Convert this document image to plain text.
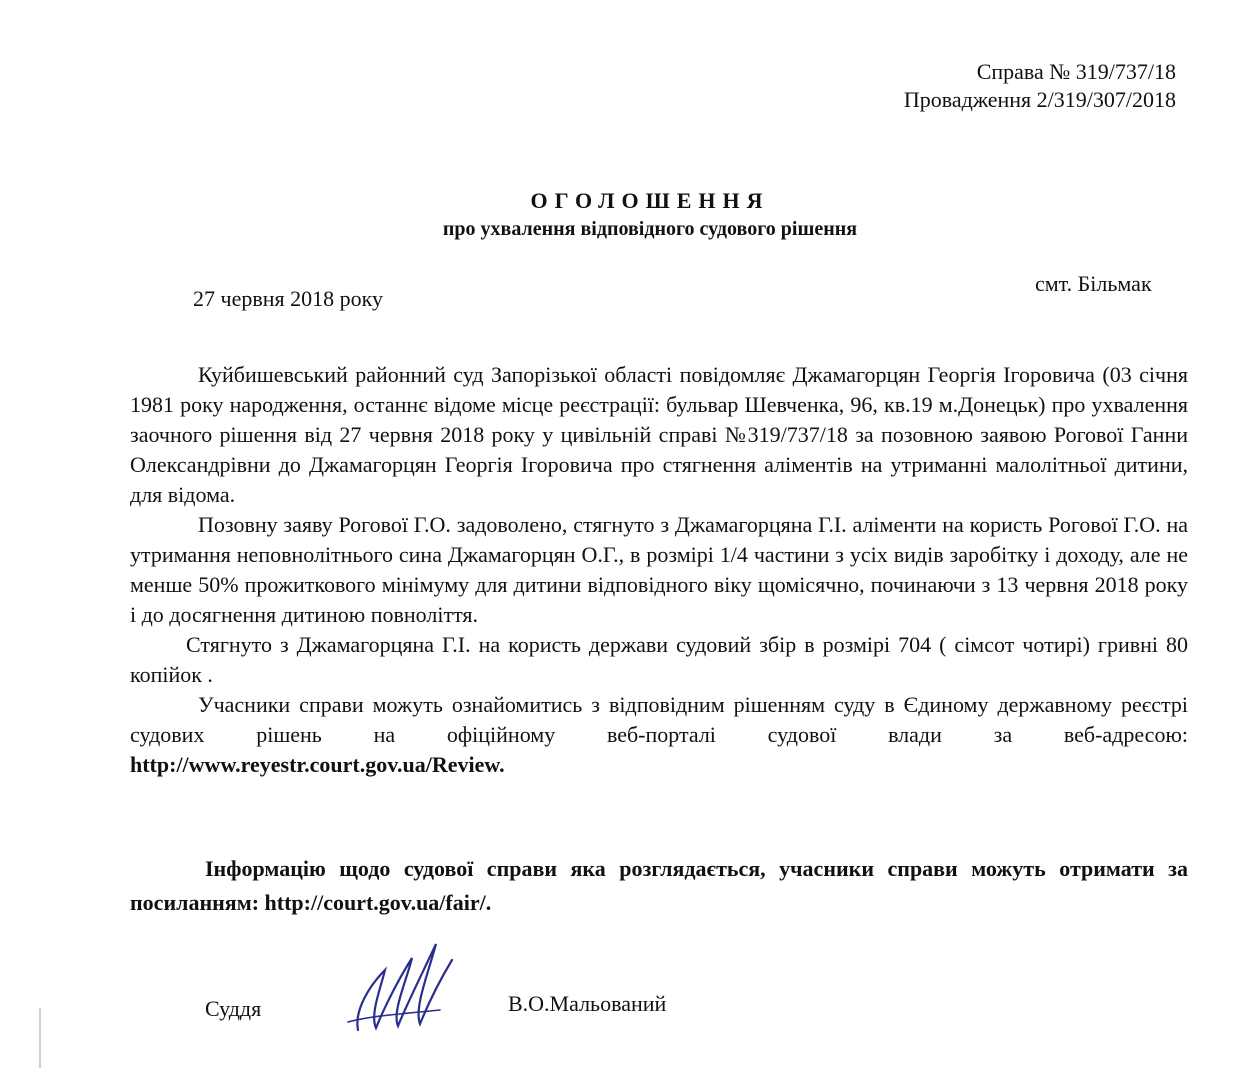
Справа № 319/737/18
Провадження 2/319/307/2018
ОГОЛОШЕННЯ
про ухвалення відповідного судового рішення
27 червня 2018 року
смт. Більмак

Куйбишевський районний суд Запорізької області повідомляє Джамагорцян Георгія Ігоровича (03 січня 1981 року народження, останнє відоме місце реєстрації: бульвар Шевченка, 96, кв.19 м.Донецьк) про ухвалення заочного рішення від 27 червня 2018 року у цивільній справі №319/737/18 за позовною заявою Рогової Ганни Олександрівни до Джамагорцян Георгія Ігоровича про стягнення аліментів на утриманні малолітньої дитини, для відома.

Позовну заяву Рогової Г.О. задоволено, стягнуто з Джамагорцяна Г.І. аліменти на користь Рогової Г.О. на утримання неповнолітнього сина Джамагорцян О.Г., в розмірі 1/4 частини з усіх видів заробітку і доходу, але не менше 50% прожиткового мінімуму для дитини відповідного віку щомісячно, починаючи з 13 червня 2018 року і до досягнення дитиною повноліття.

Стягнуто з Джамагорцяна Г.І. на користь держави судовий збір в розмірі 704 ( сімсот чотирі) гривні 80 копійок .

Учасники справи можуть ознайомитись з відповідним рішенням суду в Єдиному державному реєстрі судових рішень на офіційному веб-порталі судової влади за веб-адресою: http://www.reyestr.court.gov.ua/Review.

Інформацію щодо судової справи яка розглядається, учасники справи можуть отримати за посиланням: http://court.gov.ua/fair/.

Суддя	В.О.Мальований
